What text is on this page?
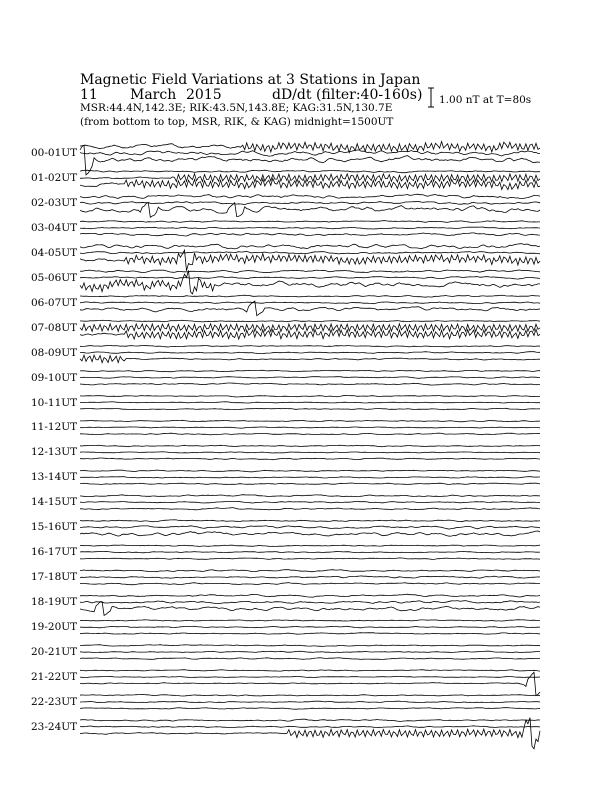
Magnetic Field Variations at 3 Stations in Japan
11 March 2015	dD/dt (filter:40-160s)
MSR:44.4N,142.3E; RIK:43.5N,143.8E; KAG:31.5N,130.7E
(from bottom to top, MSR, RIK, & KAG) midnight=1500UT
1.00 nT at T=80s
00-01UT
01-02UT
02-03UT
03-04UT
04-05UT
05-06UT
06-07UT
07-08UT
08-09UT
09-10UT
10-11UT
11-12UT
12-13UT
13-14UT
14-15UT
15-16UT
16-17UT
17-18UT
18-19UT
19-20UT
20-21UT
21-22UT
22-23UT
23-24UT
